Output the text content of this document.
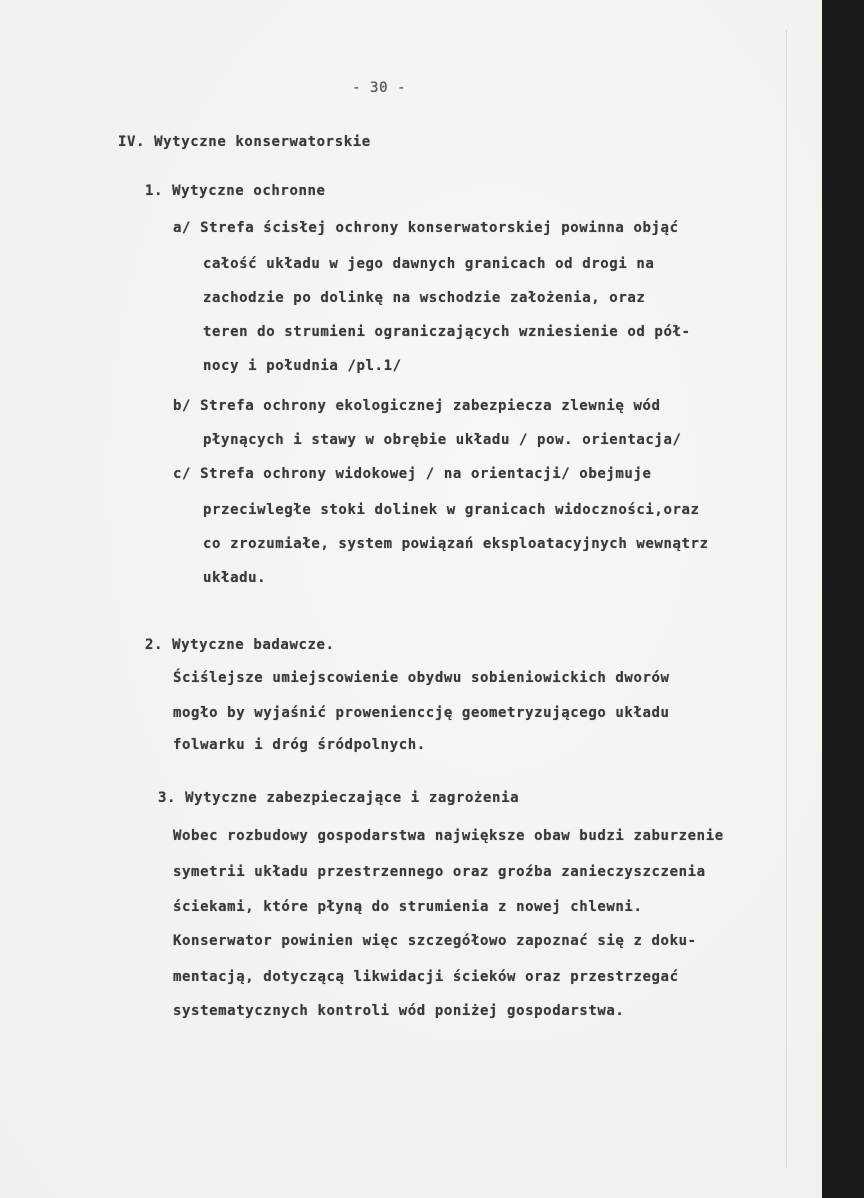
- 30 -
IV. Wytyczne konserwatorskie
1. Wytyczne ochronne
a/ Strefa ścisłej ochrony konserwatorskiej powinna objąć
całość układu w jego dawnych granicach od drogi na
zachodzie po dolinkę na wschodzie założenia, oraz
teren do strumieni ograniczających wzniesienie od pół-
nocy i południa /pl.1/
b/ Strefa ochrony ekologicznej zabezpiecza zlewnię wód
płynących i stawy w obrębie układu / pow. orientacja/
c/ Strefa ochrony widokowej / na orientacji/ obejmuje
przeciwległe stoki dolinek w granicach widoczności,oraz
co zrozumiałe, system powiązań eksploatacyjnych wewnątrz
układu.
2. Wytyczne badawcze.
Ściślejsze umiejscowienie obydwu sobieniowickich dworów
mogło by wyjaśnić prowenienccję geometryzującego układu
folwarku i dróg śródpolnych.
3. Wytyczne zabezpieczające i zagrożenia
Wobec rozbudowy gospodarstwa największe obaw budzi zaburzenie
symetrii układu przestrzennego oraz groźba zanieczyszczenia
ściekami, które płyną do strumienia z nowej chlewni.
Konserwator powinien więc szczegółowo zapoznać się z doku-
mentacją, dotyczącą likwidacji ścieków oraz przestrzegać
systematycznych kontroli wód poniżej gospodarstwa.
